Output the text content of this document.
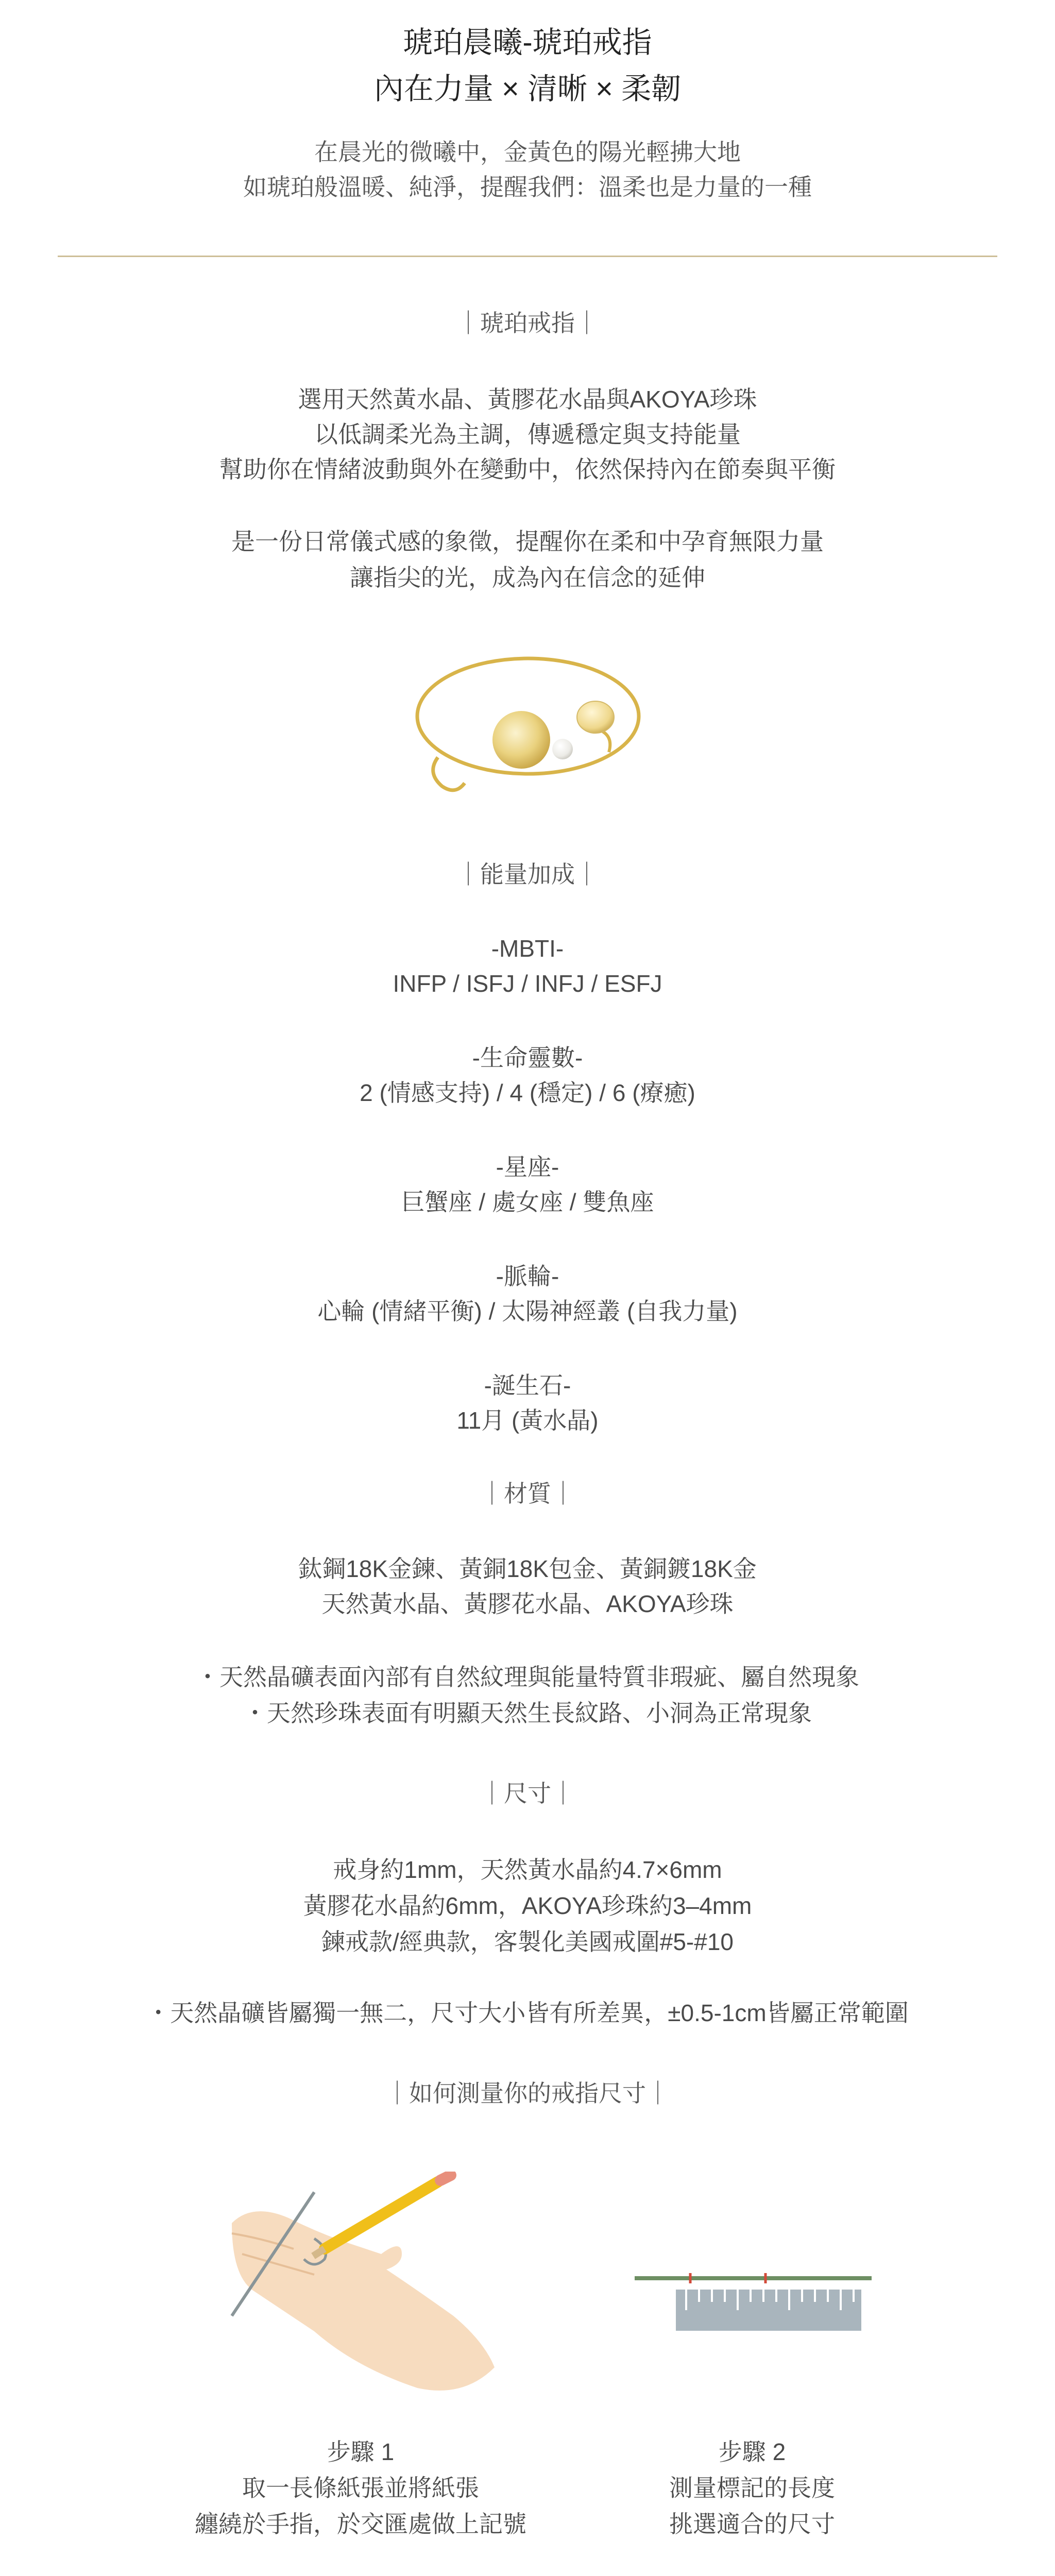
琥珀晨曦-琥珀戒指
內在力量 × 清晰 × 柔韌
在晨光的微曦中，金黃色的陽光輕拂大地
如琥珀般溫暖、純淨，提醒我們：溫柔也是力量的一種
｜琥珀戒指｜
選用天然黃水晶、黃膠花水晶與AKOYA珍珠
以低調柔光為主調，傳遞穩定與支持能量
幫助你在情緒波動與外在變動中，依然保持內在節奏與平衡
是一份日常儀式感的象徵，提醒你在柔和中孕育無限力量
讓指尖的光，成為內在信念的延伸
｜能量加成｜
-MBTI-
INFP / ISFJ / INFJ / ESFJ
-生命靈數-
2 (情感支持) / 4 (穩定) / 6 (療癒)
-星座-
巨蟹座 / 處女座 / 雙魚座
-脈輪-
心輪 (情緒平衡) / 太陽神經叢 (自我力量)
-誕生石-
11月 (黃水晶)
｜材質｜
鈦鋼18K金鍊、黃銅18K包金、黃銅鍍18K金
天然黃水晶、黃膠花水晶、AKOYA珍珠
・天然晶礦表面內部有自然紋理與能量特質非瑕疵、屬自然現象
・天然珍珠表面有明顯天然生長紋路、小洞為正常現象
｜尺寸｜
戒身約1mm，天然黃水晶約4.7×6mm
黃膠花水晶約6mm，AKOYA珍珠約3–4mm
鍊戒款/經典款，客製化美國戒圍#5-#10
・天然晶礦皆屬獨一無二，尺寸大小皆有所差異，±0.5-1cm皆屬正常範圍
｜如何測量你的戒指尺寸｜
步驟 1
取一長條紙張並將紙張
纏繞於手指，於交匯處做上記號
步驟 2
測量標記的長度
挑選適合的尺寸
